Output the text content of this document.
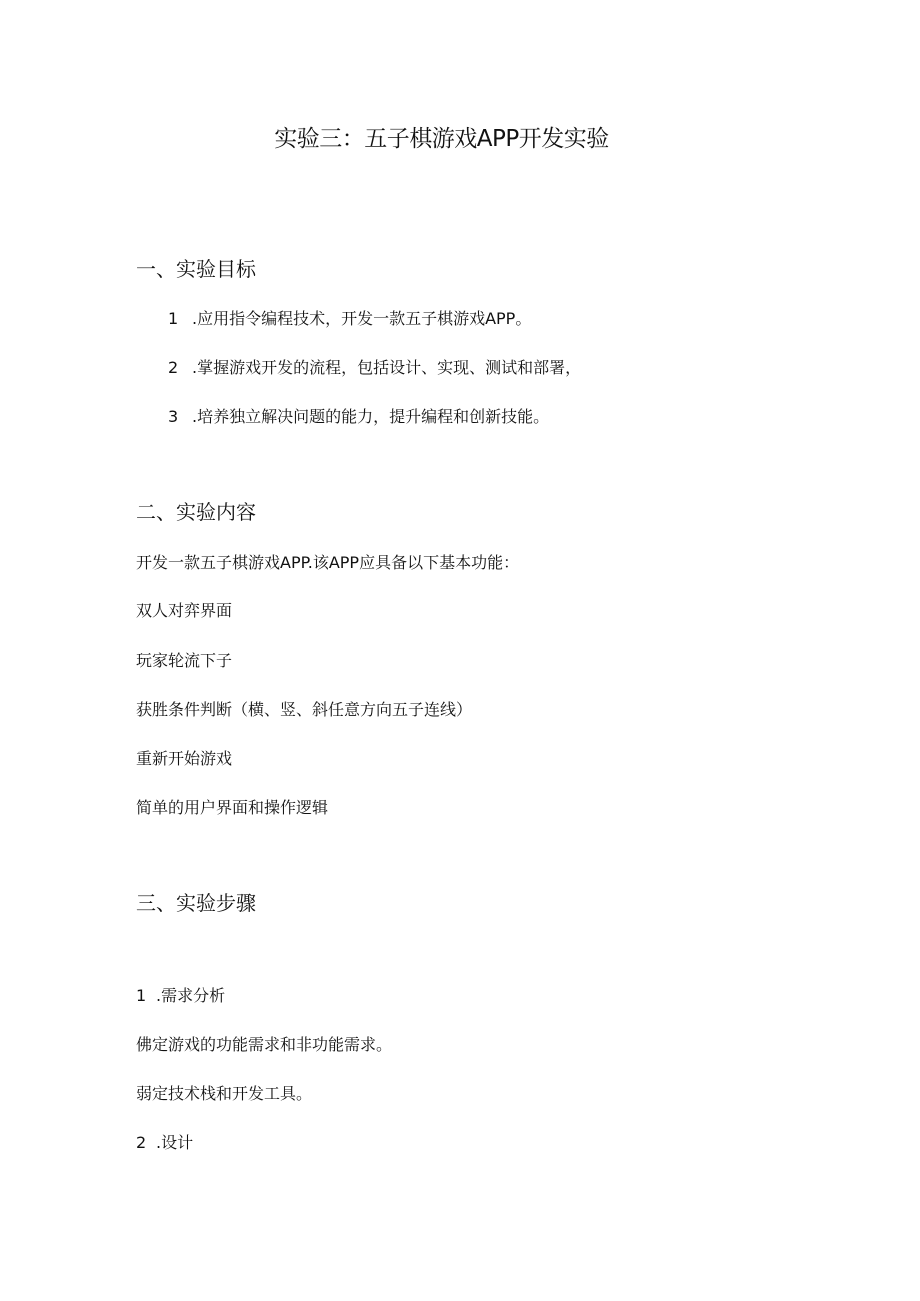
实验三：五子棋游戏APP开发实验
一、实验目标
1 .应用指令编程技术，开发一款五子棋游戏APP。
2 .掌握游戏开发的流程，包括设计、实现、测试和部署，
3 .培养独立解决问题的能力，提升编程和创新技能。
二、实验内容
开发一款五子棋游戏APP.该APP应具备以下基本功能：
双人对弈界面
玩家轮流下子
获胜条件判断（横、竖、斜任意方向五子连线）
重新开始游戏
简单的用户界面和操作逻辑
三、实验步骤
1 .需求分析
佛定游戏的功能需求和非功能需求。
弱定技术栈和开发工具。
2 .设计
